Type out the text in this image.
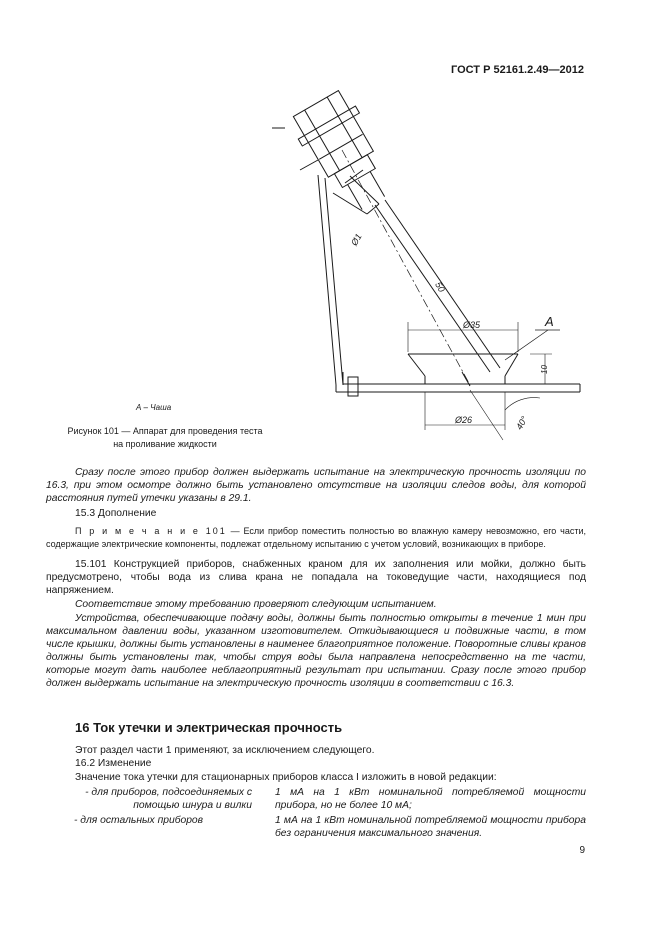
ГОСТ Р 52161.2.49—2012
A
Ø35
Ø26	40°
50
10
Ø1
А – Чаша
Рисунок 101 — Аппарат для проведения теста
на проливание жидкости

Сразу после этого прибор должен выдержать испытание на электрическую прочность изоляции по 16.3, при этом осмотре должно быть установлено отсутствие на изоляции следов воды, для которой расстояния путей утечки указаны в 29.1.

15.3 Дополнение

П р и м е ч а н и е 101 — Если прибор поместить полностью во влажную камеру невозможно, его части, содержащие электрические компоненты, подлежат отдельному испытанию с учетом условий, возникающих в приборе.

15.101 Конструкцией приборов, снабженных краном для их заполнения или мойки, должно быть предусмотрено, чтобы вода из слива крана не попадала на токоведущие части, находящиеся под напряжением.

Соответствие этому требованию проверяют следующим испытанием.

Устройства, обеспечивающие подачу воды, должны быть полностью открыты в течение 1 мин при максимальном давлении воды, указанном изготовителем. Откидывающиеся и подвижные части, в том числе крышки, должны быть установлены в наименее благоприятное положение. Поворотные сливы кранов должны быть установлены так, чтобы струя воды была направлена непосредственно на те части, которые могут дать наиболее неблагоприятный результат при испытании. Сразу после этого прибор должен выдержать испытание на электрическую прочность изоляции в соответствии с 16.3.

16 Ток утечки и электрическая прочность

Этот раздел части 1 применяют, за исключением следующего.

16.2 Изменение

Значение тока утечки для стационарных приборов класса I изложить в новой редакции:

- для приборов, подсоединяемых с помощью шнура и вилки

1 мА на 1 кВт номинальной потребляемой мощности прибора, но не более 10 мА;

- для остальных приборов	1 мА на 1 кВт номинальной потребляемой мощности прибора без ограничения максимального значения.

9
